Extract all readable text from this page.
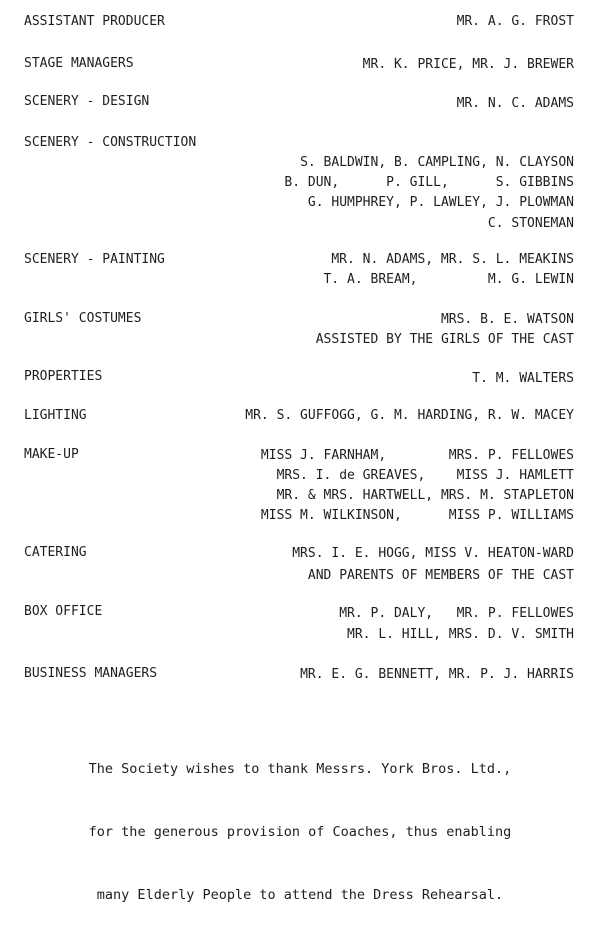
ASSISTANT PRODUCER	MR. A. G. FROST
STAGE MANAGERS	MR. K. PRICE, MR. J. BREWER
SCENERY - DESIGN	MR. N. C. ADAMS
SCENERY - CONSTRUCTION
S. BALDWIN, B. CAMPLING, N. CLAYSON
B. DUN,      P. GILL,      S. GIBBINS
G. HUMPHREY, P. LAWLEY, J. PLOWMAN
C. STONEMAN
SCENERY - PAINTING	MR. N. ADAMS, MR. S. L. MEAKINS
T. A. BREAM,         M. G. LEWIN
GIRLS' COSTUMES	MRS. B. E. WATSON
ASSISTED BY THE GIRLS OF THE CAST
PROPERTIES	T. M. WALTERS
LIGHTING	MR. S. GUFFOGG, G. M. HARDING, R. W. MACEY
MAKE-UP	MISS J. FARNHAM,        MRS. P. FELLOWES
MRS. I. de GREAVES,    MISS J. HAMLETT
MR. & MRS. HARTWELL, MRS. M. STAPLETON
MISS M. WILKINSON,      MISS P. WILLIAMS
CATERING	MRS. I. E. HOGG, MISS V. HEATON-WARD
AND PARENTS OF MEMBERS OF THE CAST
BOX OFFICE	MR. P. DALY,   MR. P. FELLOWES
MR. L. HILL, MRS. D. V. SMITH
BUSINESS MANAGERS	MR. E. G. BENNETT, MR. P. J. HARRIS

The Society wishes to thank Messrs. York Bros. Ltd.,

for the generous provision of Coaches, thus enabling

many Elderly People to attend the Dress Rehearsal.
